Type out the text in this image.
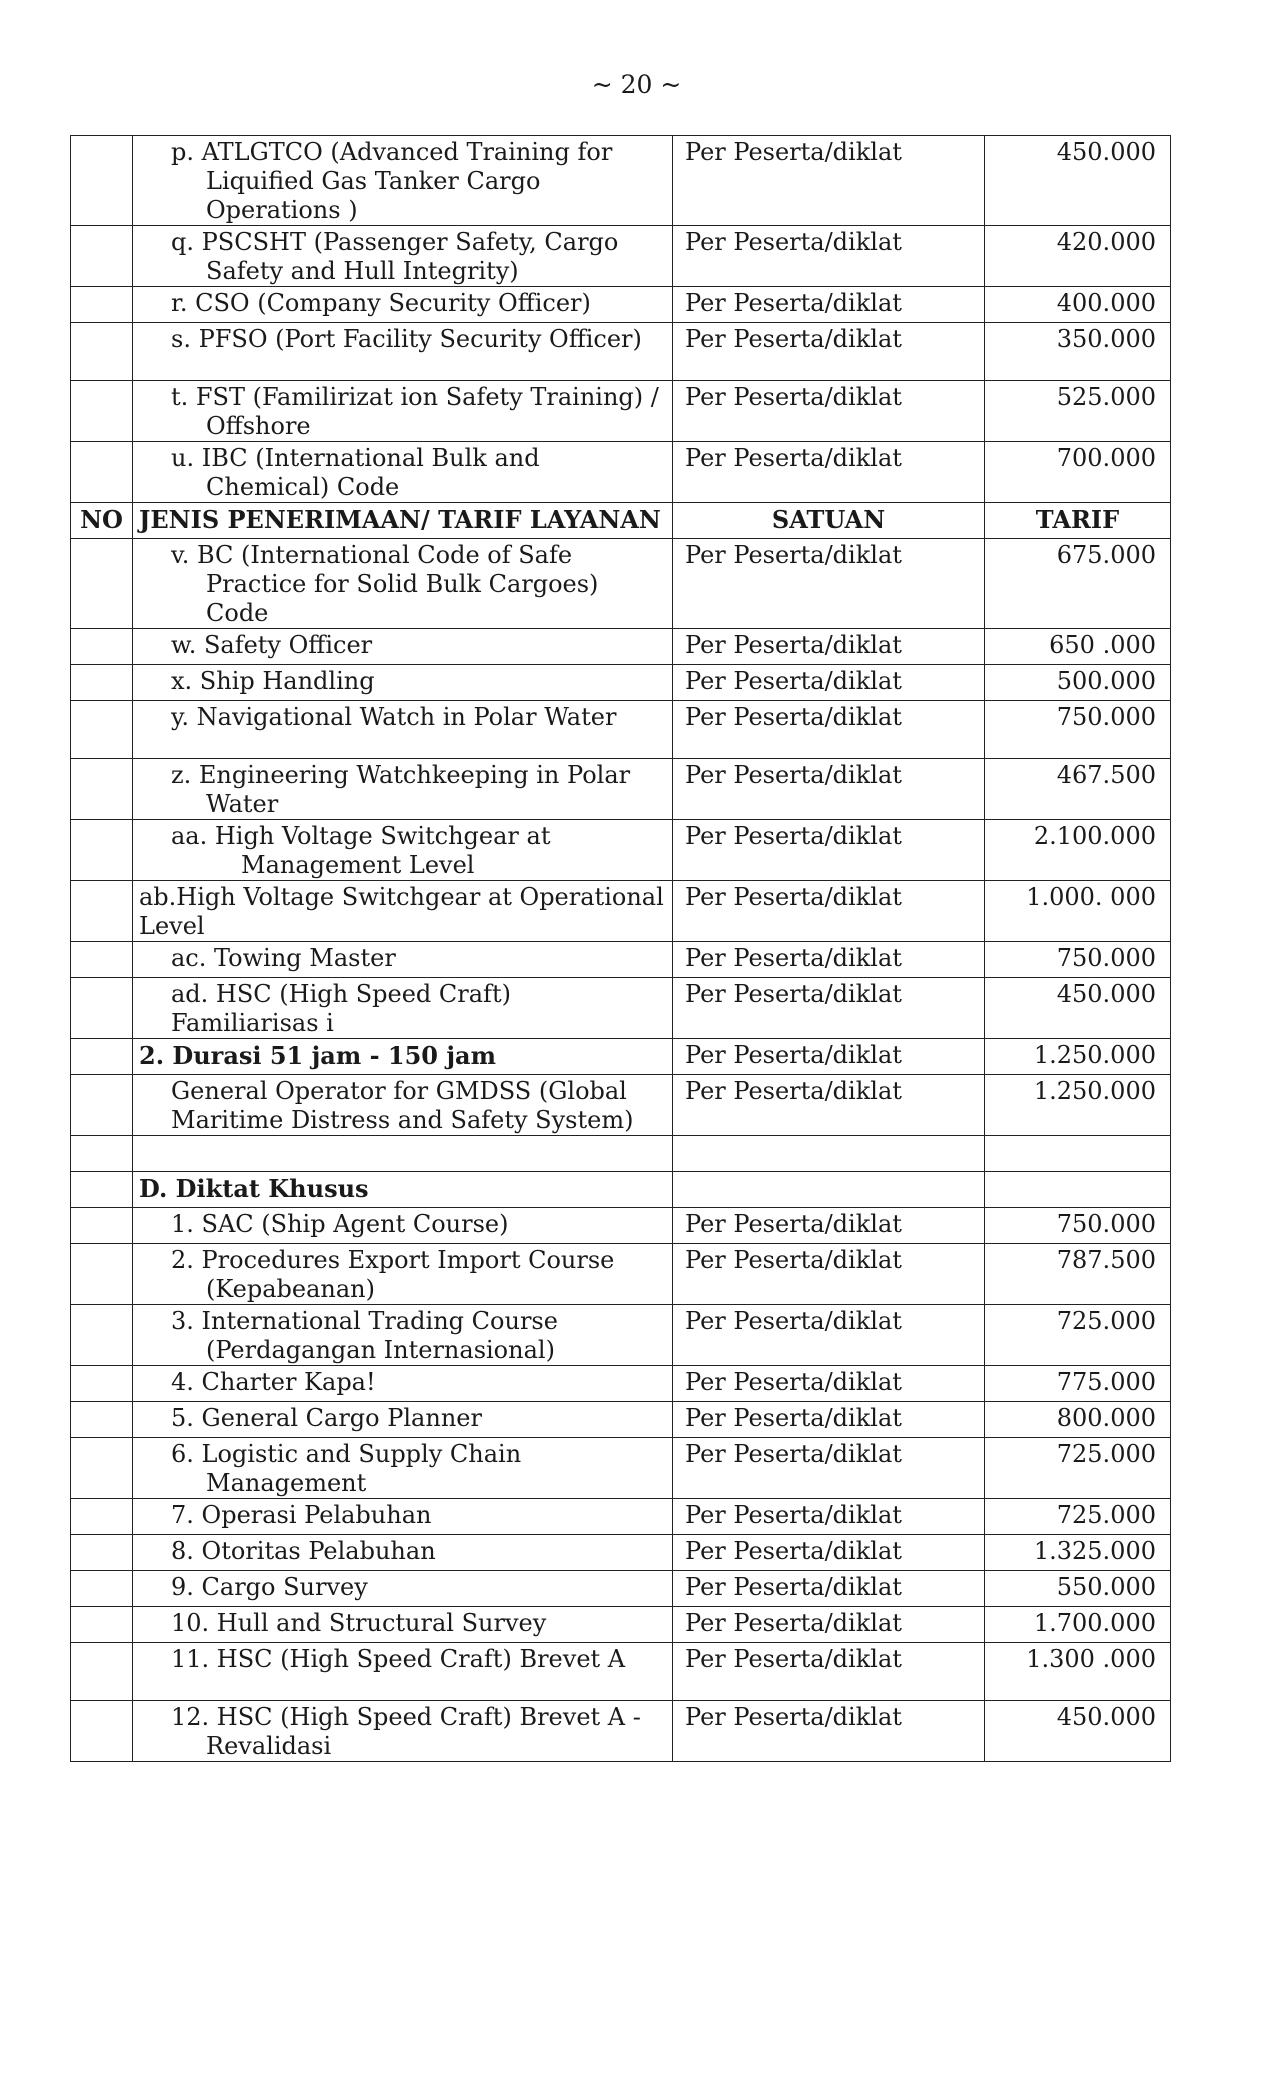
~ 20 ~

	p. ATLGTCO (Advanced Training for Liquified Gas Tanker Cargo Operations )	Per Peserta/diklat	450.000

	q. PSCSHT (Passenger Safety, Cargo Safety and Hull Integrity)	Per Peserta/diklat	420.000

	r. CSO (Company Security Officer)	Per Peserta/diklat	400.000

	s. PFSO (Port Facility Security Officer)	Per Peserta/diklat	350.000

	t. FST (Familirizat ion Safety Training) / Offshore	Per Peserta/diklat	525.000

	u. IBC (International Bulk and Chemical) Code	Per Peserta/diklat	700.000
NO	JENIS PENERIMAAN/ TARIF LAYANAN	SATUAN	TARIF

	v. BC (International Code of Safe Practice for Solid Bulk Cargoes) Code	Per Peserta/diklat	675.000

	w. Safety Officer	Per Peserta/diklat	650 .000

	x. Ship Handling	Per Peserta/diklat	500.000

	y. Navigational Watch in Polar Water	Per Peserta/diklat	750.000

	z. Engineering Watchkeeping in Polar Water	Per Peserta/diklat	467.500

	aa. High Voltage Switchgear at Management Level	Per Peserta/diklat	2.100.000
	ab.High Voltage Switchgear at Operational Level	Per Peserta/diklat	1.000. 000

	ac. Towing Master	Per Peserta/diklat	750.000

	ad. HSC (High Speed Craft) Familiarisas i	Per Peserta/diklat	450.000
	2. Durasi 51 jam - 150 jam	Per Peserta/diklat	1.250.000
	General Operator for GMDSS (Global Maritime Distress and Safety System)	Per Peserta/diklat	1.250.000

	D. Diktat Khusus		

	1. SAC (Ship Agent Course)	Per Peserta/diklat	750.000

	2. Procedures Export Import Course (Kepabeanan)	Per Peserta/diklat	787.500

	3. International Trading Course (Perdagangan Internasional)	Per Peserta/diklat	725.000

	4. Charter Kapa!	Per Peserta/diklat	775.000

	5. General Cargo Planner	Per Peserta/diklat	800.000

	6. Logistic and Supply Chain Management	Per Peserta/diklat	725.000

	7. Operasi Pelabuhan	Per Peserta/diklat	725.000

	8. Otoritas Pelabuhan	Per Peserta/diklat	1.325.000

	9. Cargo Survey	Per Peserta/diklat	550.000

	10. Hull and Structural Survey	Per Peserta/diklat	1.700.000

	11. HSC (High Speed Craft) Brevet A	Per Peserta/diklat	1.300 .000

	12. HSC (High Speed Craft) Brevet A - Revalidasi	Per Peserta/diklat	450.000
